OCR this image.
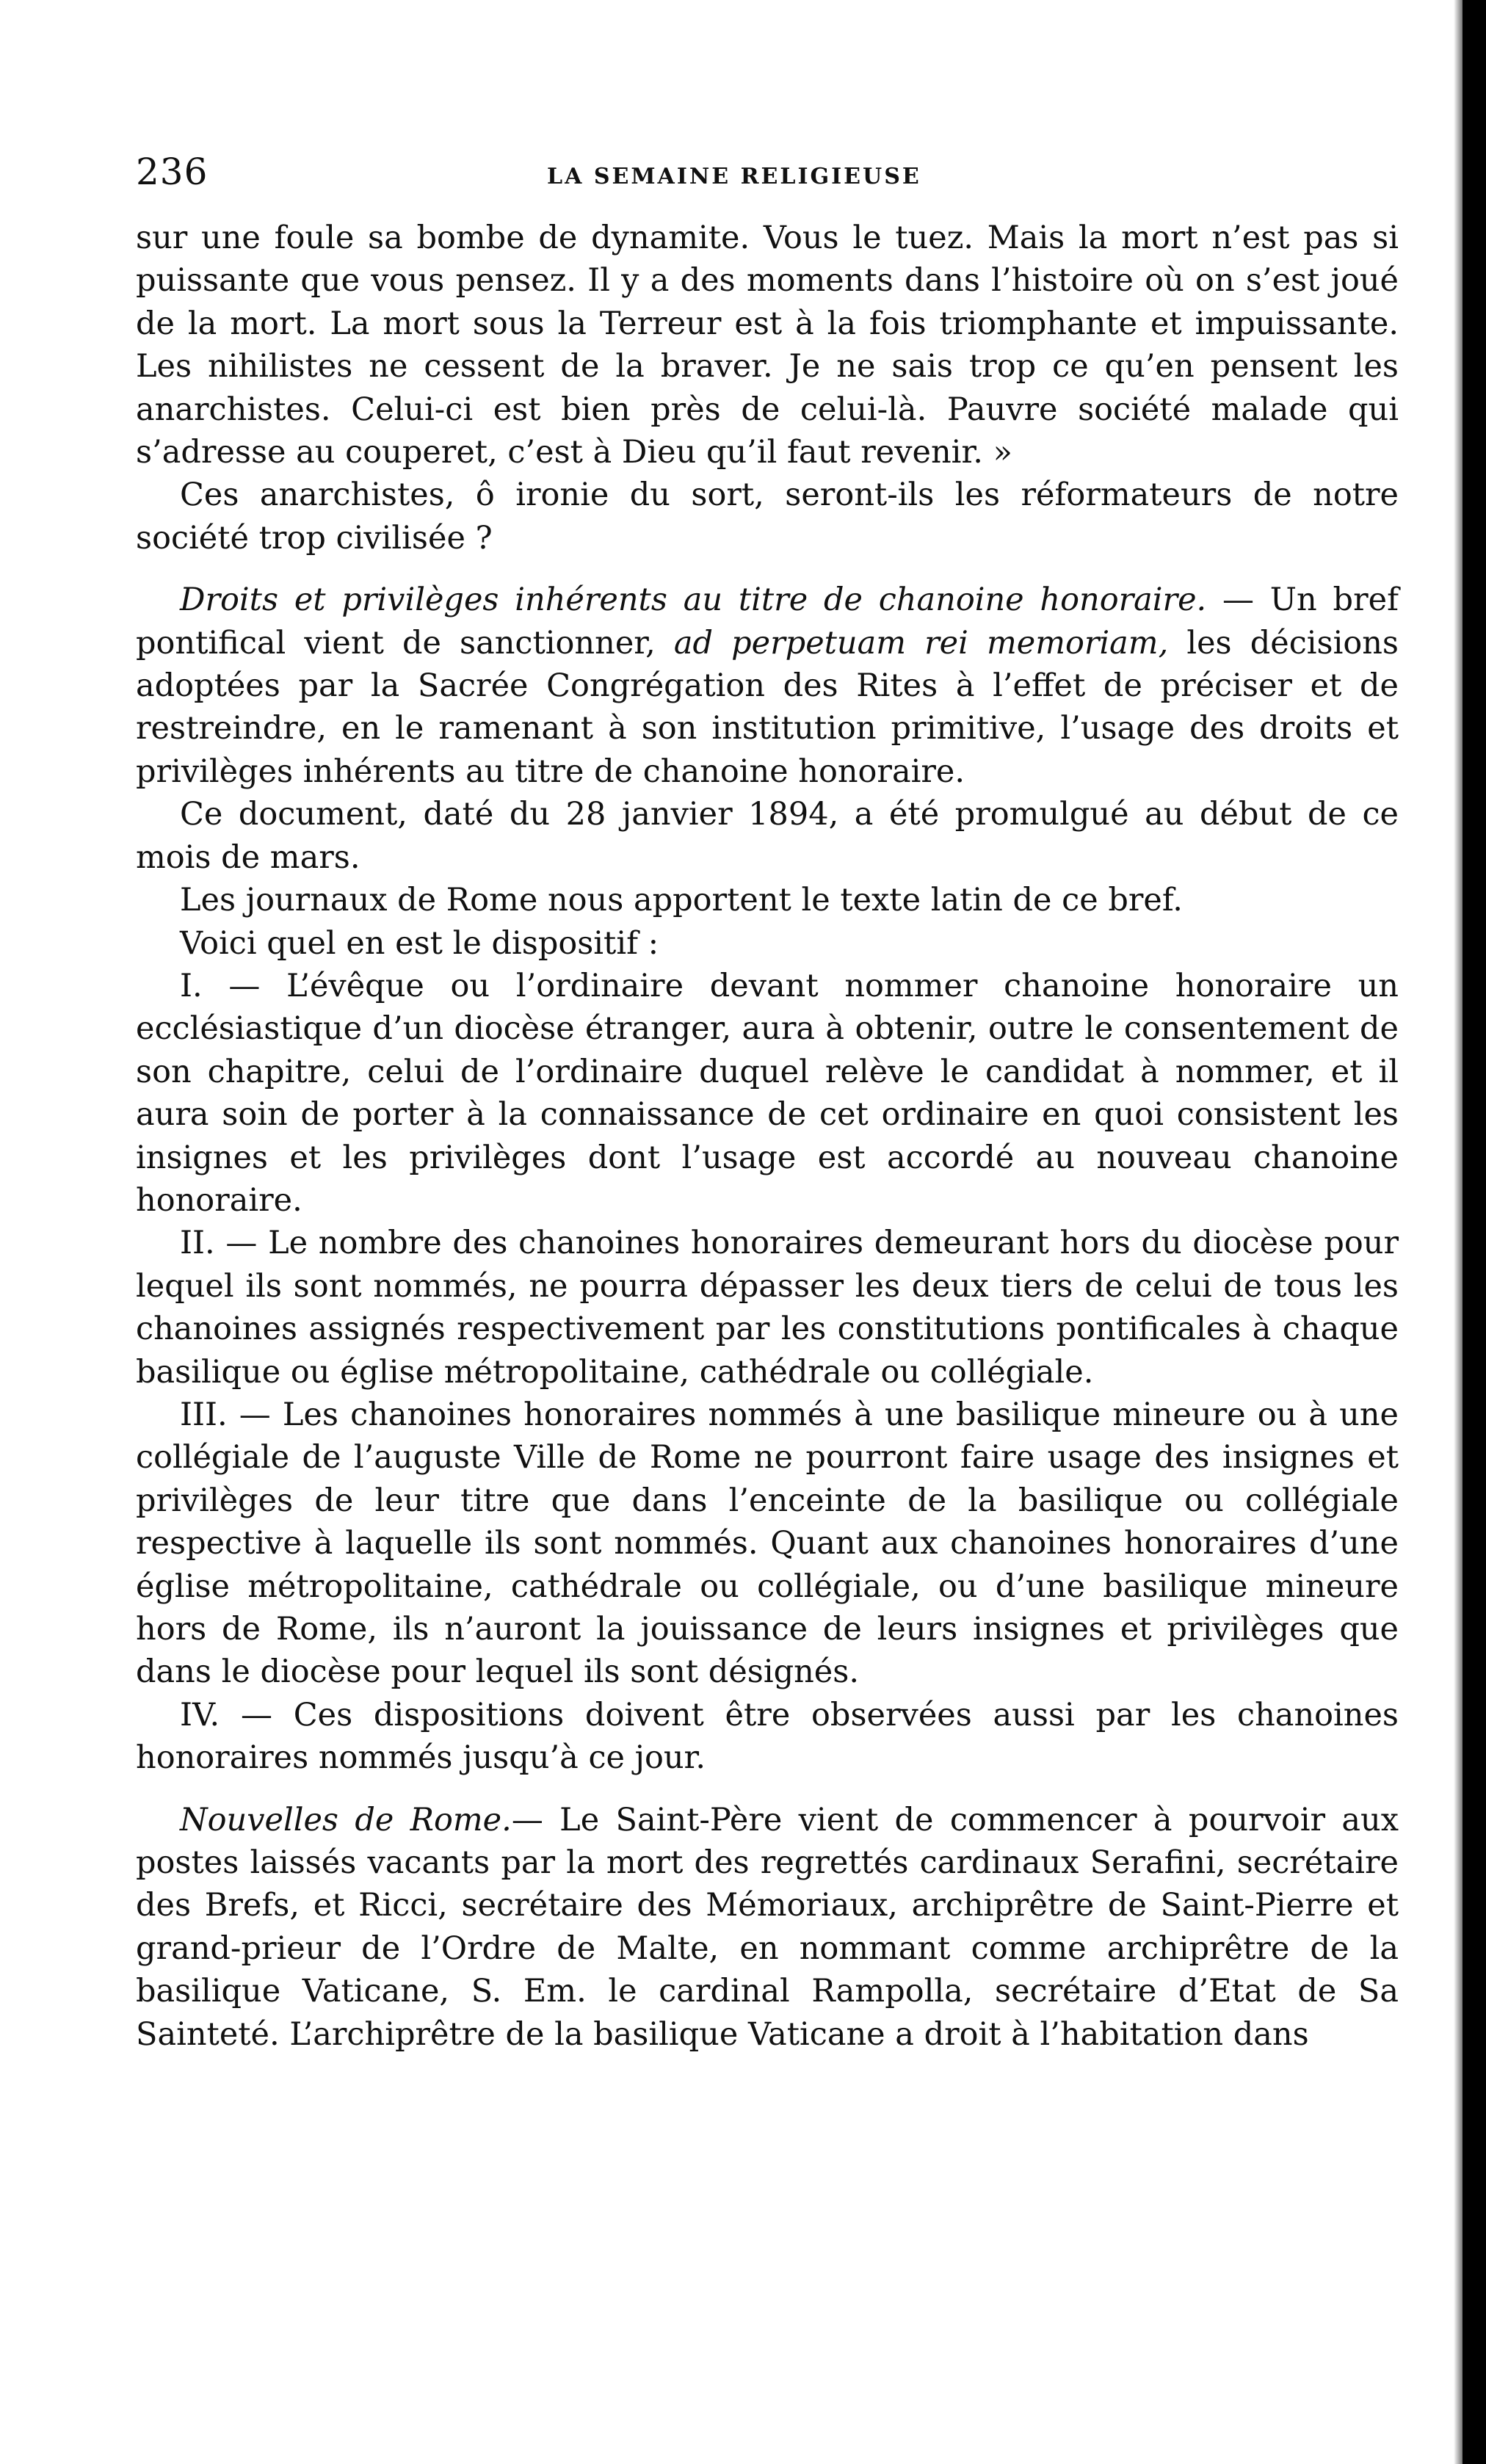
236	LA SEMAINE RELIGIEUSE

sur une foule sa bombe de dynamite. Vous le tuez. Mais la mort n’est pas si puissante que vous pensez. Il y a des moments dans l’histoire où on s’est joué de la mort. La mort sous la Terreur est à la fois triomphante et impuissante. Les nihilistes ne cessent de la braver. Je ne sais trop ce qu’en pensent les anarchistes. Celui-ci est bien près de celui-là. Pauvre société malade qui s’adresse au couperet, c’est à Dieu qu’il faut revenir. »

Ces anarchistes, ô ironie du sort, seront-ils les réformateurs de notre société trop civilisée ?

Droits et privilèges inhérents au titre de chanoine honoraire. — Un bref pontifical vient de sanctionner, ad perpetuam rei memoriam, les décisions adoptées par la Sacrée Congrégation des Rites à l’effet de préciser et de restreindre, en le ramenant à son institution primitive, l’usage des droits et privilèges inhérents au titre de chanoine honoraire.

Ce document, daté du 28 janvier 1894, a été promulgué au début de ce mois de mars.

Les journaux de Rome nous apportent le texte latin de ce bref.

Voici quel en est le dispositif :

I. — L’évêque ou l’ordinaire devant nommer chanoine honoraire un ecclésiastique d’un diocèse étranger, aura à obtenir, outre le consentement de son chapitre, celui de l’ordinaire duquel relève le candidat à nommer, et il aura soin de porter à la connaissance de cet ordinaire en quoi consistent les insignes et les privilèges dont l’usage est accordé au nouveau chanoine honoraire.

II. — Le nombre des chanoines honoraires demeurant hors du diocèse pour lequel ils sont nommés, ne pourra dépasser les deux tiers de celui de tous les chanoines assignés respectivement par les constitutions pontificales à chaque basilique ou église métropolitaine, cathédrale ou collégiale.

III. — Les chanoines honoraires nommés à une basilique mineure ou à une collégiale de l’auguste Ville de Rome ne pourront faire usage des insignes et privilèges de leur titre que dans l’enceinte de la basilique ou collégiale respective à laquelle ils sont nommés. Quant aux chanoines honoraires d’une église métropolitaine, cathédrale ou collégiale, ou d’une basilique mineure hors de Rome, ils n’auront la jouissance de leurs insignes et privilèges que dans le diocèse pour lequel ils sont désignés.

IV. — Ces dispositions doivent être observées aussi par les chanoines honoraires nommés jusqu’à ce jour.

Nouvelles de Rome.— Le Saint-Père vient de commencer à pourvoir aux postes laissés vacants par la mort des regrettés cardinaux Serafini, secrétaire des Brefs, et Ricci, secrétaire des Mémoriaux, archiprêtre de Saint-Pierre et grand-prieur de l’Ordre de Malte, en nommant comme archiprêtre de la basilique Vaticane, S. Em. le cardinal Rampolla, secrétaire d’Etat de Sa Sainteté. L’archiprêtre de la basilique Vaticane a droit à l’habitation dans
